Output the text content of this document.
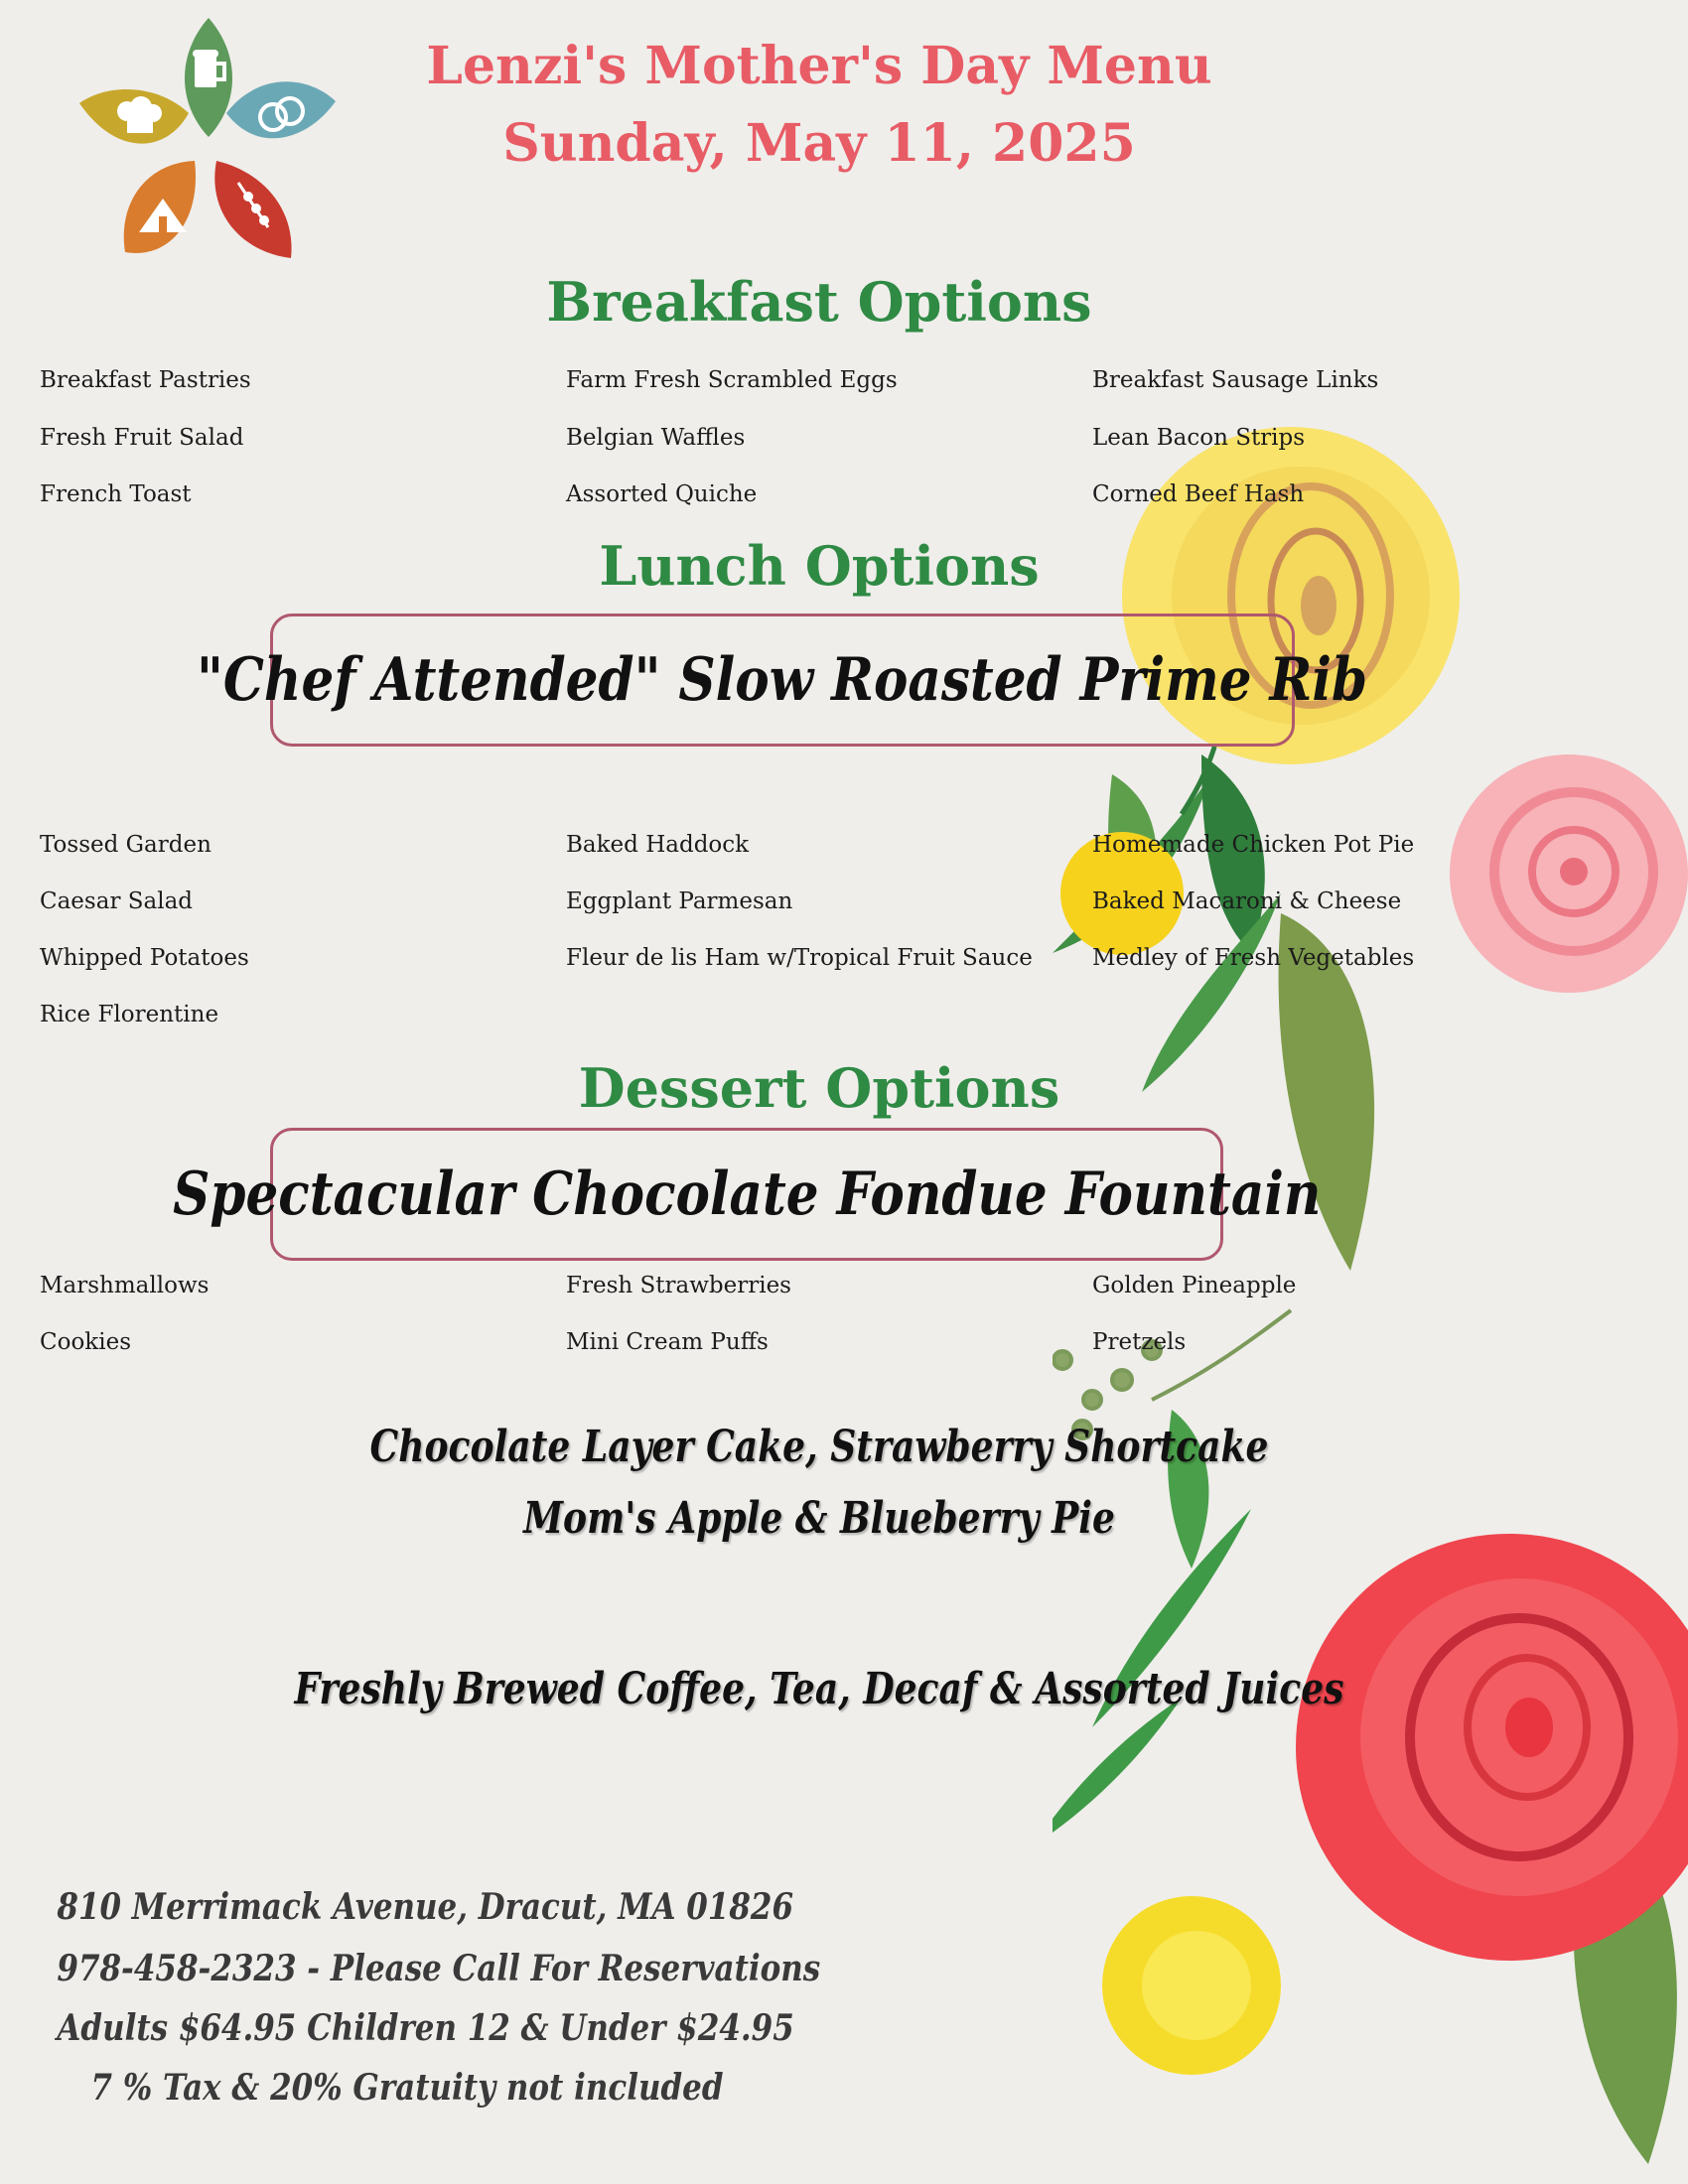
Lenzi's Mother's Day Menu
Sunday, May 11, 2025
Breakfast Options
Breakfast Pastries
Fresh Fruit Salad
French Toast
Farm Fresh Scrambled Eggs
Belgian Waffles
Assorted Quiche
Breakfast Sausage Links
Lean Bacon Strips
Corned Beef Hash
Lunch Options
"Chef Attended" Slow Roasted Prime Rib
Tossed Garden
Caesar Salad
Whipped Potatoes
Rice Florentine
Baked Haddock
Eggplant Parmesan
Fleur de lis Ham w/Tropical Fruit Sauce
Homemade Chicken Pot Pie
Baked Macaroni & Cheese
Medley of Fresh Vegetables
Dessert Options
Spectacular Chocolate Fondue Fountain
Marshmallows
Cookies
Fresh Strawberries
Mini Cream Puffs
Golden Pineapple
Pretzels
Chocolate Layer Cake, Strawberry Shortcake
Mom's Apple & Blueberry Pie
Freshly Brewed Coffee, Tea, Decaf & Assorted Juices
810 Merrimack Avenue, Dracut, MA 01826
978-458-2323 - Please Call For Reservations
Adults $64.95 Children 12 & Under $24.95
7 % Tax & 20% Gratuity not included
